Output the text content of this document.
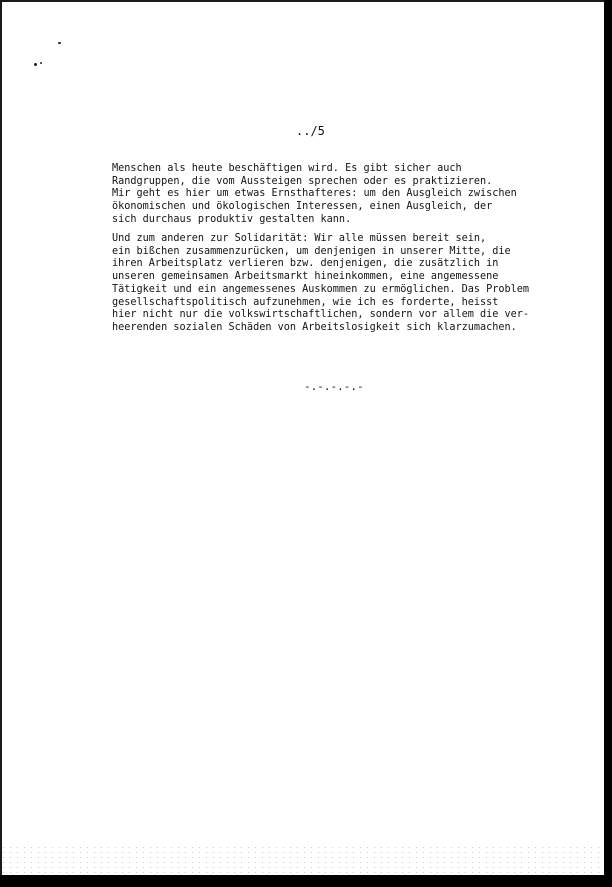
../5
Menschen als heute beschäftigen wird. Es gibt sicher auch
Randgruppen, die vom Aussteigen sprechen oder es praktizieren.
Mir geht es hier um etwas Ernsthafteres: um den Ausgleich zwischen
ökonomischen und ökologischen Interessen, einen Ausgleich, der
sich durchaus produktiv gestalten kann.
Und zum anderen zur Solidarität: Wir alle müssen bereit sein,
ein bißchen zusammenzurücken, um denjenigen in unserer Mitte, die
ihren Arbeitsplatz verlieren bzw. denjenigen, die zusätzlich in
unseren gemeinsamen Arbeitsmarkt hineinkommen, eine angemessene
Tätigkeit und ein angemessenes Auskommen zu ermöglichen. Das Problem
gesellschaftspolitisch aufzunehmen, wie ich es forderte, heisst
hier nicht nur die volkswirtschaftlichen, sondern vor allem die ver-
heerenden sozialen Schäden von Arbeitslosigkeit sich klarzumachen.
-.-.-.-.-
